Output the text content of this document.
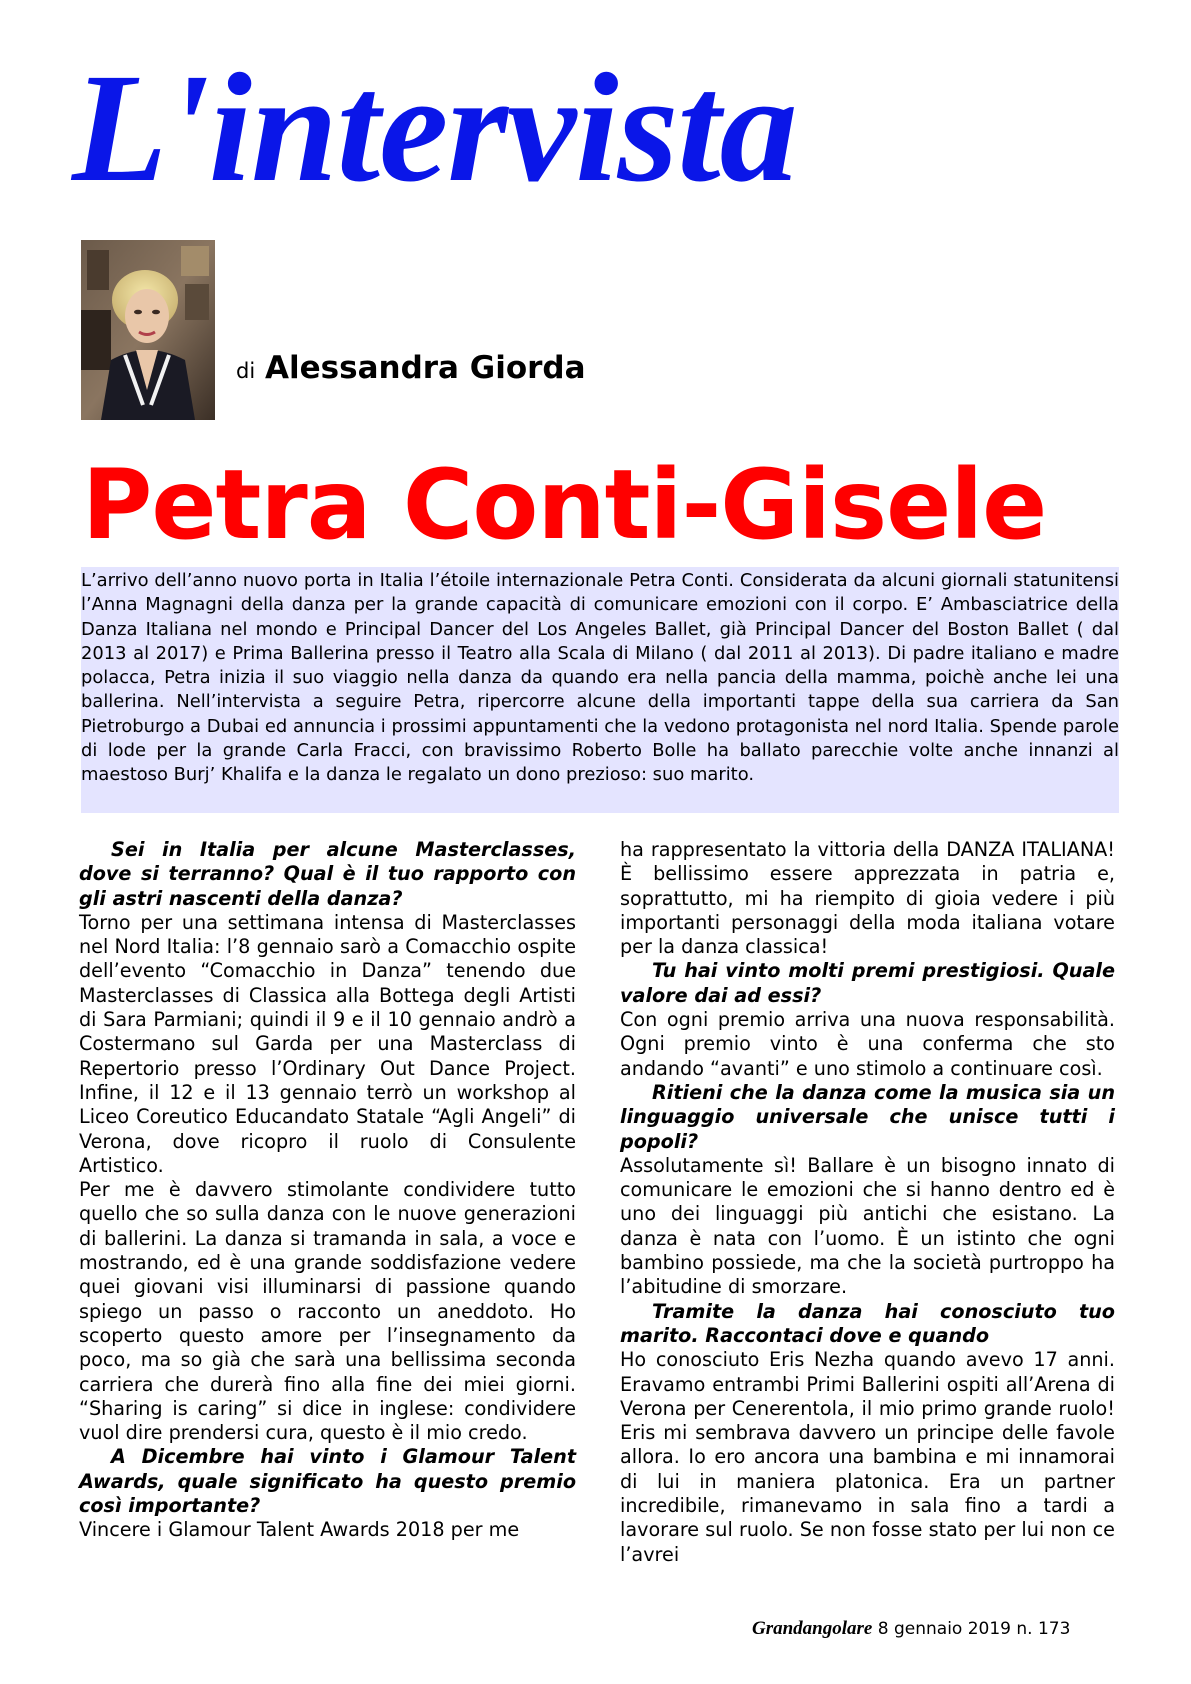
L'intervista
di Alessandra Giorda
Petra Conti-Gisele

L’arrivo dell’anno nuovo porta in Italia l’étoile internazionale Petra Conti. Considerata da alcuni giornali statunitensi l’Anna Magnagni della danza per la grande capacità di comunicare emozioni con il corpo. E’ Ambasciatrice della Danza Italiana nel mondo e Principal Dancer del Los Angeles Ballet, già Principal Dancer del Boston Ballet ( dal 2013 al 2017) e Prima Ballerina presso il Teatro alla Scala di Milano ( dal 2011 al 2013). Di padre italiano e madre polacca, Petra inizia il suo viaggio nella danza da quando era nella pancia della mamma, poichè anche lei una ballerina. Nell’intervista a seguire Petra, ripercorre alcune della importanti tappe della sua carriera da San Pietroburgo a Dubai ed annuncia i prossimi appuntamenti che la vedono protagonista nel nord Italia. Spende parole di lode per la grande Carla Fracci, con bravissimo Roberto Bolle ha ballato parecchie volte anche innanzi al maestoso Burj’ Khalifa e la danza le regalato un dono prezioso: suo marito.

Sei in Italia per alcune Masterclasses, dove si terranno? Qual è il tuo rapporto con gli astri nascenti della danza?

Torno per una settimana intensa di Masterclasses nel Nord Italia: l’8 gennaio sarò a Comacchio ospite dell’evento “Comacchio in Danza” tenendo due Masterclasses di Classica alla Bottega degli Artisti di Sara Parmiani; quindi il 9 e il 10 gennaio andrò a Costermano sul Garda per una Masterclass di Repertorio presso l’Ordinary Out Dance Project. Infine, il 12 e il 13 gennaio terrò un workshop al Liceo Coreutico Educandato Statale “Agli Angeli” di Verona, dove ricopro il ruolo di Consulente Artistico.

Per me è davvero stimolante condividere tutto quello che so sulla danza con le nuove generazioni di ballerini. La danza si tramanda in sala, a voce e mostrando, ed è una grande soddisfazione vedere quei giovani visi illuminarsi di passione quando spiego un passo o racconto un aneddoto. Ho scoperto questo amore per l’insegnamento da poco, ma so già che sarà una bellissima seconda carriera che durerà fino alla fine dei miei giorni. “Sharing is caring” si dice in inglese: condividere vuol dire prendersi cura, questo è il mio credo.

A Dicembre hai vinto i Glamour Talent Awards, quale significato ha questo premio così importante?

Vincere i Glamour Talent Awards 2018 per me

ha rappresentato la vittoria della DANZA ITALIANA! È bellissimo essere apprezzata in patria e, soprattutto, mi ha riempito di gioia vedere i più importanti personaggi della moda italiana votare per la danza classica!

Tu hai vinto molti premi prestigiosi. Quale valore dai ad essi?

Con ogni premio arriva una nuova responsabilità. Ogni premio vinto è una conferma che sto andando “avanti” e uno stimolo a continuare così.

Ritieni che la danza come la musica sia un linguaggio universale che unisce tutti i popoli?

Assolutamente sì! Ballare è un bisogno innato di comunicare le emozioni che si hanno dentro ed è uno dei linguaggi più antichi che esistano. La danza è nata con l’uomo. È un istinto che ogni bambino possiede, ma che la società purtroppo ha l’abitudine di smorzare.

Tramite la danza hai conosciuto tuo marito. Raccontaci dove e quando

Ho conosciuto Eris Nezha quando avevo 17 anni. Eravamo entrambi Primi Ballerini ospiti all’Arena di Verona per Cenerentola, il mio primo grande ruolo! Eris mi sembrava davvero un principe delle favole allora. Io ero ancora una bambina e mi innamorai di lui in maniera platonica. Era un partner incredibile, rimanevamo in sala fino a tardi a lavorare sul ruolo. Se non fosse stato per lui non ce l’avrei

Grandangolare 8 gennaio 2019 n. 173
